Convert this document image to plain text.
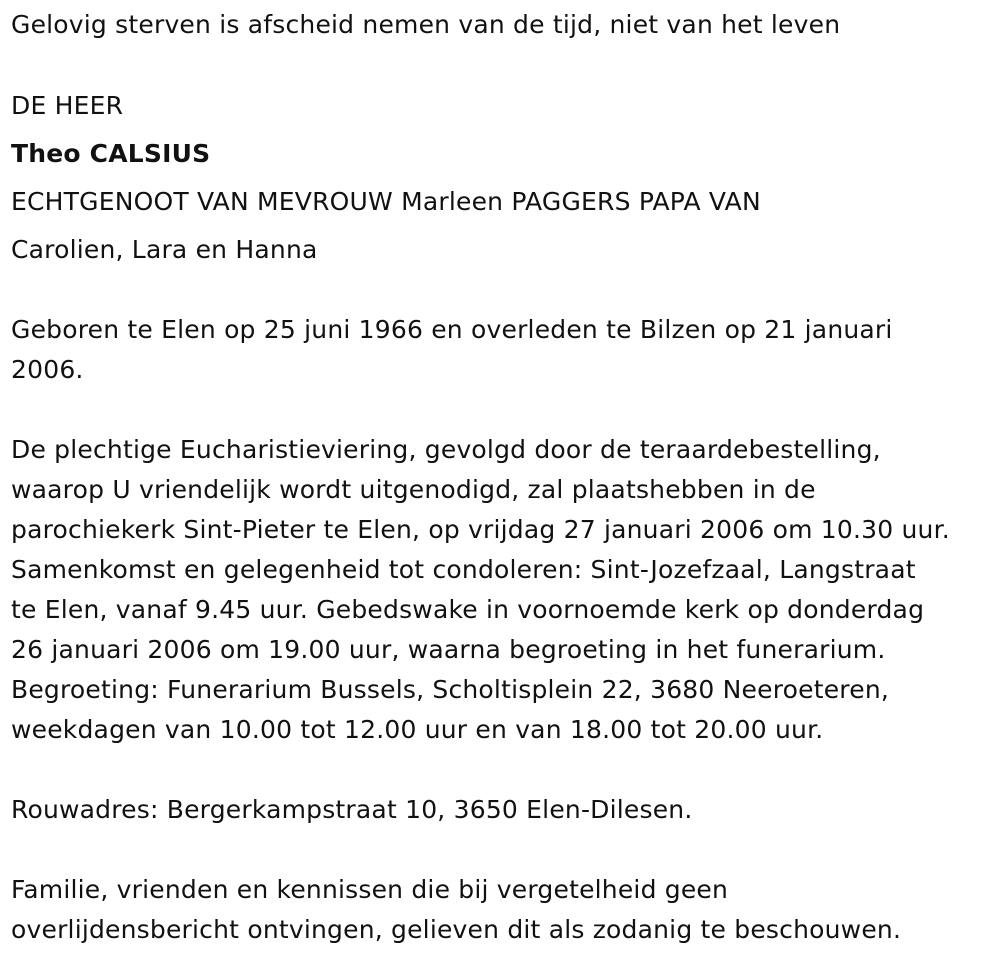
Gelovig sterven is afscheid nemen van de tijd, niet van het leven
DE HEER
Theo CALSIUS
ECHTGENOOT VAN MEVROUW Marleen PAGGERS PAPA VAN
Carolien, Lara en Hanna
Geboren te Elen op 25 juni 1966 en overleden te Bilzen op 21 januari
2006.
De plechtige Eucharistieviering, gevolgd door de teraardebestelling,
waarop U vriendelijk wordt uitgenodigd, zal plaatshebben in de
parochiekerk Sint-Pieter te Elen, op vrijdag 27 januari 2006 om 10.30 uur.
Samenkomst en gelegenheid tot condoleren: Sint-Jozefzaal, Langstraat
te Elen, vanaf 9.45 uur. Gebedswake in voornoemde kerk op donderdag
26 januari 2006 om 19.00 uur, waarna begroeting in het funerarium.
Begroeting: Funerarium Bussels, Scholtisplein 22, 3680 Neeroeteren,
weekdagen van 10.00 tot 12.00 uur en van 18.00 tot 20.00 uur.
Rouwadres: Bergerkampstraat 10, 3650 Elen-Dilesen.
Familie, vrienden en kennissen die bij vergetelheid geen
overlijdensbericht ontvingen, gelieven dit als zodanig te beschouwen.
